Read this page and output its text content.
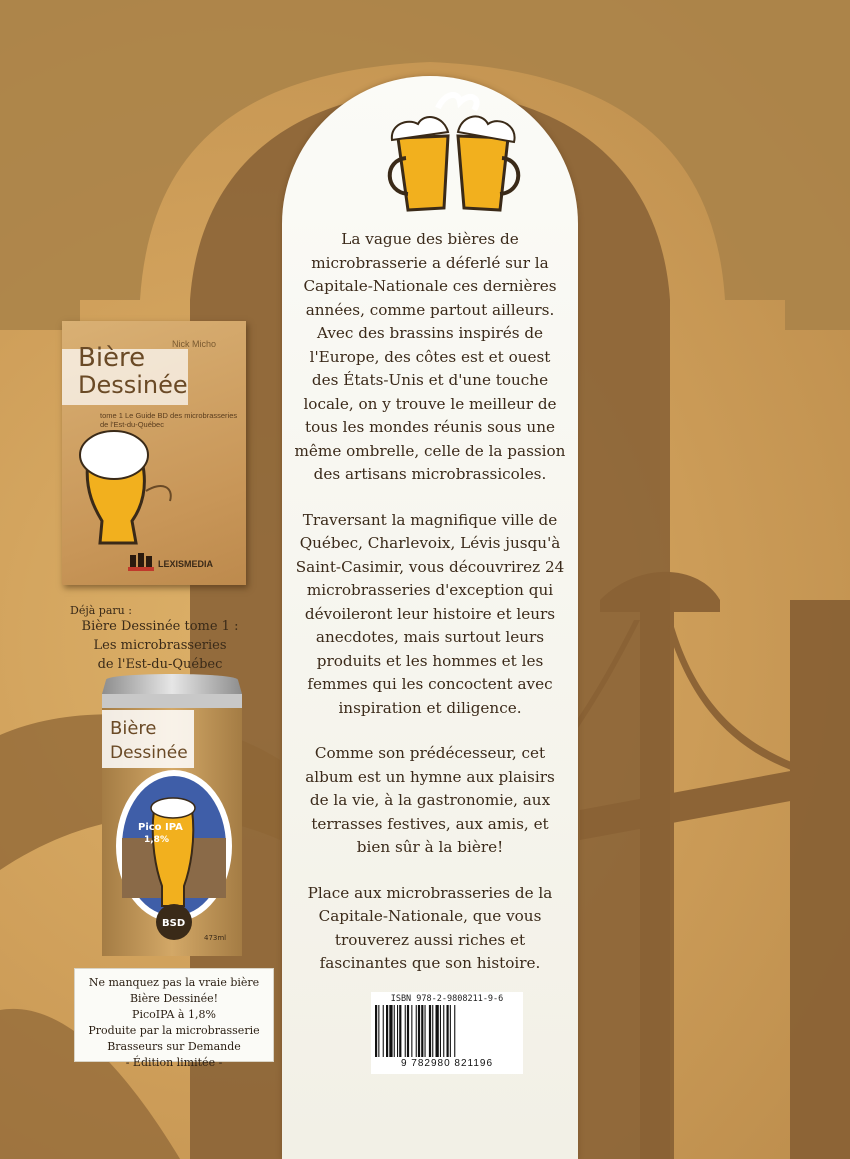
La vague des bières de microbrasserie a déferlé sur la Capitale-Nationale ces dernières années, comme partout ailleurs. Avec des brassins inspirés de l'Europe, des côtes est et ouest des États-Unis et d'une touche locale, on y trouve le meilleur de tous les mondes réunis sous une même ombrelle, celle de la passion des artisans microbrassicoles.

Traversant la magnifique ville de Québec, Charlevoix, Lévis jusqu'à Saint-Casimir, vous découvrirez 24 microbrasseries d'exception qui dévoileront leur histoire et leurs anecdotes, mais surtout leurs produits et les hommes et les femmes qui les concoctent avec inspiration et diligence.

Comme son prédécesseur, cet album est un hymne aux plaisirs de la vie, à la gastronomie, aux terrasses festives, aux amis, et bien sûr à la bière!

Place aux microbrasseries de la Capitale-Nationale, que vous trouverez aussi riches et fascinantes que son histoire.

ISBN 978-2-9808211-9-6
9 782980 821196
Nick Micho
Bière
Dessinée
tome 1 Le Guide BD des microbrasseries de l'Est-du-Québec
LEXISMEDIA
Déjà paru :
Bière Dessinée tome 1 :
Les microbrasseries
de l'Est-du-Québec
Bière
Dessinée
Pico IPA
1,8%
BSD
473ml
Ne manquez pas la vraie bière
Bière Dessinée!
PicoIPA à 1,8%
Produite par la microbrasserie
Brasseurs sur Demande
- Édition limitée -
